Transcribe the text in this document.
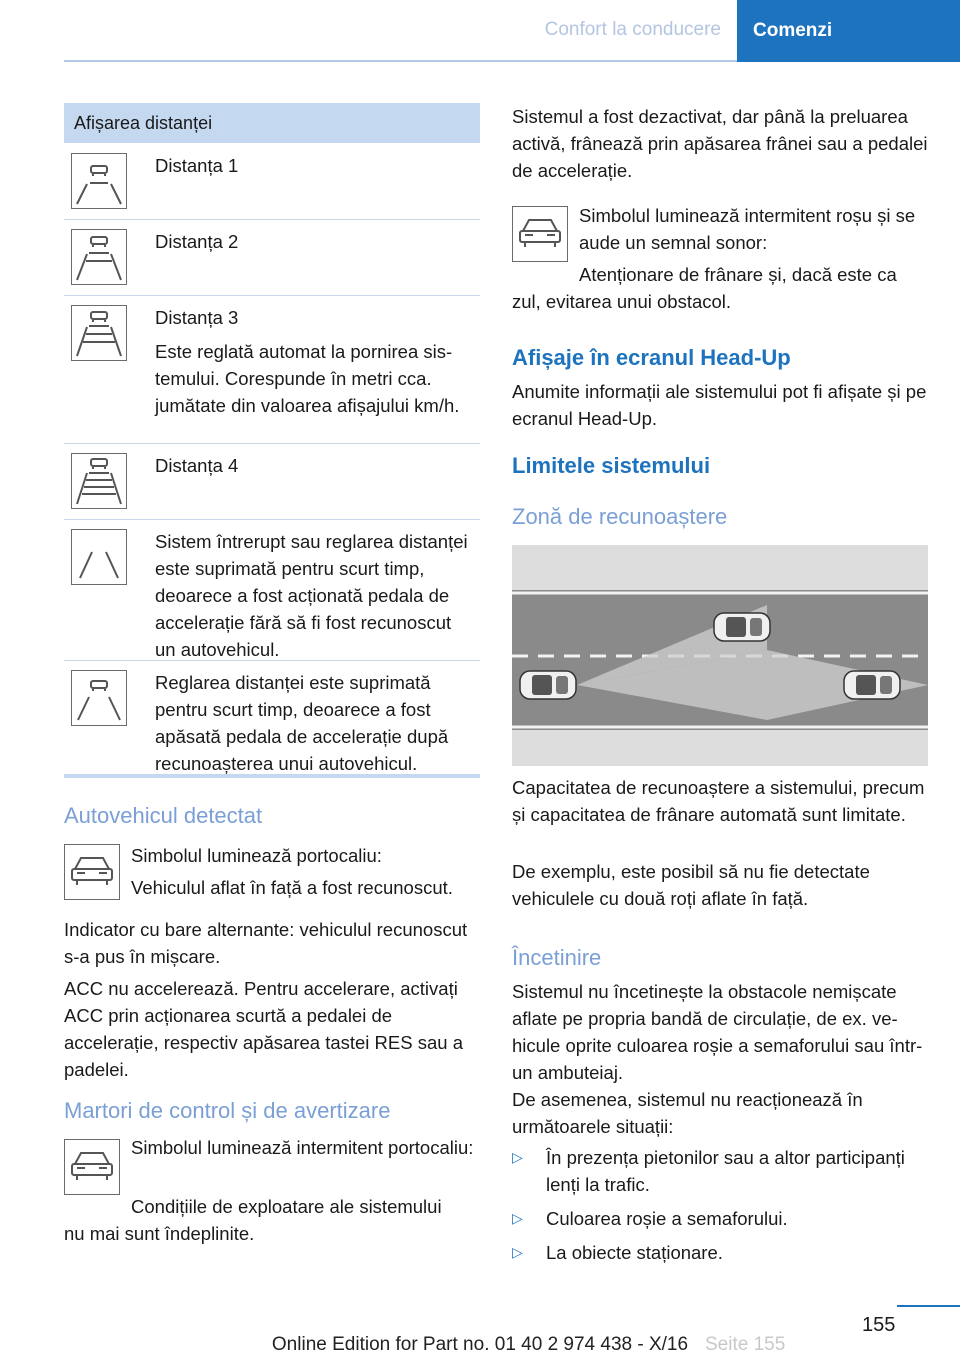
Confort la conducere	Comenzi
Afișarea distanței

Distanța 1

Distanța 2

Distanța 3

Este reglată automat la pornirea sistemului. Corespunde în metri cca. jumătate din valoarea afișajului km/h.

Distanța 4

Sistem întrerupt sau reglarea distanței este suprimată pentru scurt timp, deoarece a fost acționată pedala de accelerație fără să fi fost recunoscut un autovehicul.

Reglarea distanței este suprimată pentru scurt timp, deoarece a fost apăsată pedala de accelerație după recunoașterea unui autovehicul.

Autovehicul detectat

Simbolul luminează portocaliu:

Vehiculul aflat în față a fost recunoscut.

Indicator cu bare alternante: vehiculul recunoscut s-a pus în mișcare.

ACC nu accelerează. Pentru accelerare, activați ACC prin acționarea scurtă a pedalei de accelerație, respectiv apăsarea tastei RES sau a padelei.

Martori de control și de avertizare

Simbolul luminează intermitent portocaliu:

Condițiile de exploatare ale sistemului

nu mai sunt îndeplinite.

Sistemul a fost dezactivat, dar până la preluarea activă, frânează prin apăsarea frânei sau a pedalei de accelerație.

Simbolul luminează intermitent roșu și se aude un semnal sonor:

Atenționare de frânare și, dacă este ca

zul, evitarea unui obstacol.

Afișaje în ecranul Head-Up

Anumite informații ale sistemului pot fi afișate și pe ecranul Head-Up.

Limitele sistemului
Zonă de recunoaștere

Capacitatea de recunoaștere a sistemului, precum și capacitatea de frânare automată sunt limitate.

De exemplu, este posibil să nu fie detectate vehiculele cu două roți aflate în față.

Încetinire

Sistemul nu încetinește la obstacole nemișcate aflate pe propria bandă de circulație, de ex. vehicule oprite culoarea roșie a semaforului sau într-un ambuteiaj.

De asemenea, sistemul nu reacționează în următoarele situații:

▷ În prezența pietonilor sau a altor participanți lenți la trafic.
▷ Culoarea roșie a semaforului.
▷ La obiecte staționare.
155
Seite 155
Online Edition for Part no. 01 40 2 974 438 - X/16
